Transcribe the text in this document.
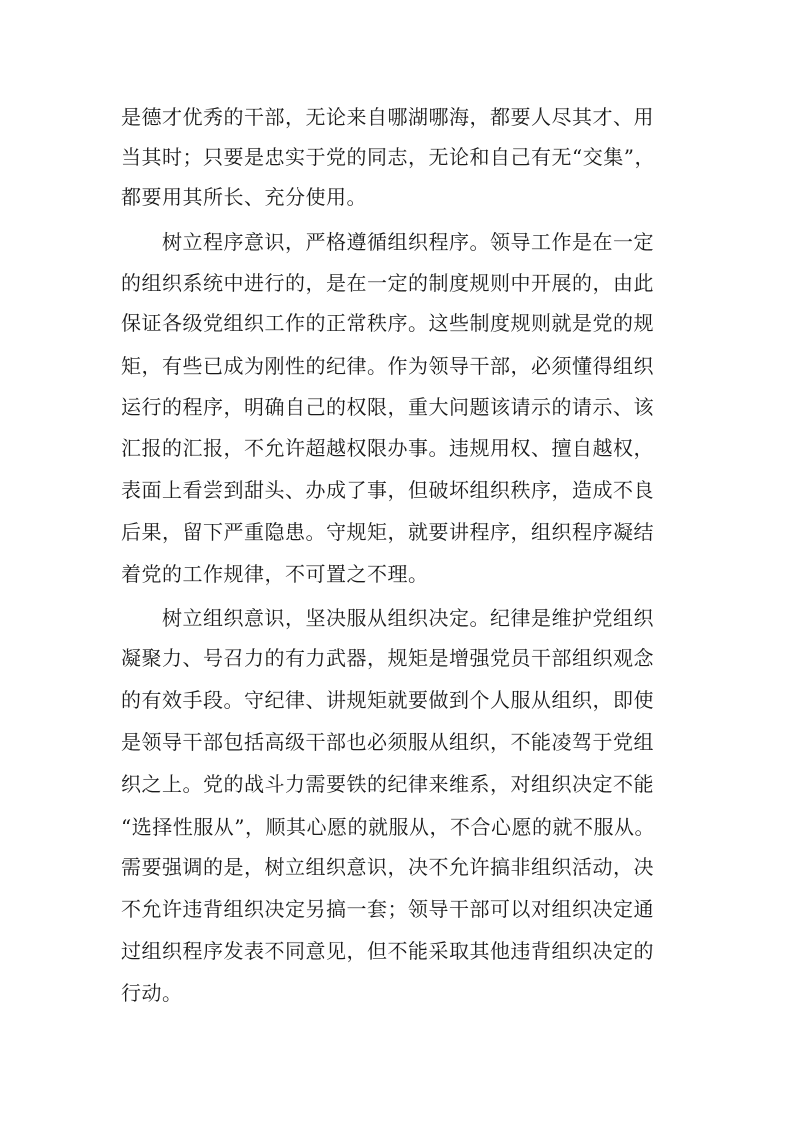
是德才优秀的干部，无论来自哪湖哪海，都要人尽其才、用
当其时；只要是忠实于党的同志，无论和自己有无“交集”，
都要用其所长、充分使用。
树立程序意识，严格遵循组织程序。领导工作是在一定
的组织系统中进行的，是在一定的制度规则中开展的，由此
保证各级党组织工作的正常秩序。这些制度规则就是党的规
矩，有些已成为刚性的纪律。作为领导干部，必须懂得组织
运行的程序，明确自己的权限，重大问题该请示的请示、该
汇报的汇报，不允许超越权限办事。违规用权、擅自越权，
表面上看尝到甜头、办成了事，但破坏组织秩序，造成不良
后果，留下严重隐患。守规矩，就要讲程序，组织程序凝结
着党的工作规律，不可置之不理。
树立组织意识，坚决服从组织决定。纪律是维护党组织
凝聚力、号召力的有力武器，规矩是增强党员干部组织观念
的有效手段。守纪律、讲规矩就要做到个人服从组织，即使
是领导干部包括高级干部也必须服从组织，不能凌驾于党组
织之上。党的战斗力需要铁的纪律来维系，对组织决定不能
“选择性服从”，顺其心愿的就服从，不合心愿的就不服从。
需要强调的是，树立组织意识，决不允许搞非组织活动，决
不允许违背组织决定另搞一套；领导干部可以对组织决定通
过组织程序发表不同意见，但不能采取其他违背组织决定的
行动。
